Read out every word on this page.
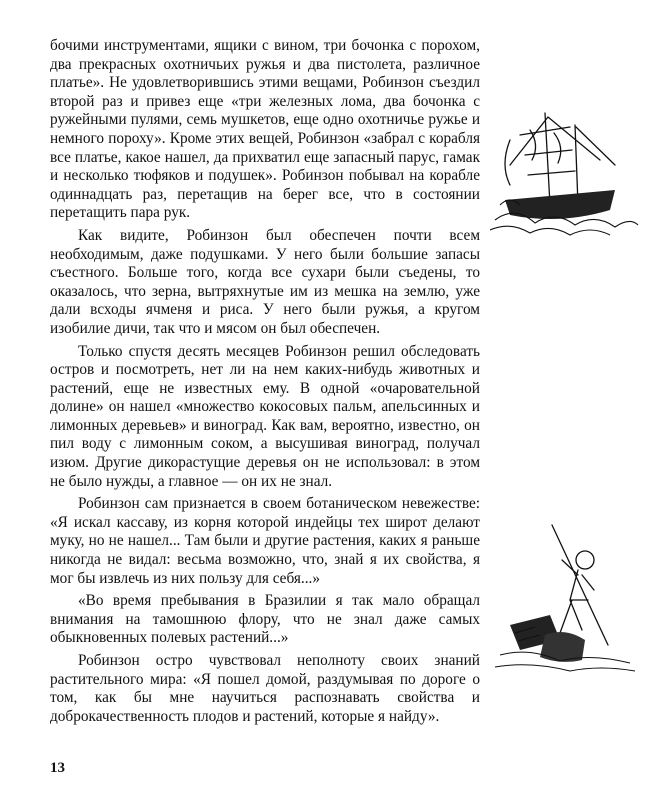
бочими инструментами, ящики с вином, три бочонка с порохом, два прекрасных охотничьих ружья и два пистолета, различное платье». Не удовлетворившись этими вещами, Робинзон съездил второй раз и привез еще «три железных лома, два бочонка с ружейными пулями, семь мушкетов, еще одно охотничье ружье и немного пороху». Кроме этих вещей, Робинзон «забрал с корабля все платье, какое нашел, да прихватил еще запасный парус, гамак и несколько тюфяков и подушек». Робинзон побывал на корабле одиннадцать раз, перетащив на берег все, что в состоянии перетащить пара рук.

Как видите, Робинзон был обеспечен почти всем необходимым, даже подушками. У него были большие запасы съестного. Больше того, когда все сухари были съедены, то оказалось, что зерна, вытряхнутые им из мешка на землю, уже дали всходы ячменя и риса. У него были ружья, а кругом изобилие дичи, так что и мясом он был обеспечен.

Только спустя десять месяцев Робинзон решил обследовать остров и посмотреть, нет ли на нем каких-нибудь животных и растений, еще не известных ему. В одной «очаровательной долине» он нашел «множество кокосовых пальм, апельсинных и лимонных деревьев» и виноград. Как вам, вероятно, известно, он пил воду с лимонным соком, а высушивая виноград, получал изюм. Другие дикорастущие деревья он не использовал: в этом не было нужды, а главное — он их не знал.

Робинзон сам признается в своем ботаническом невежестве: «Я искал кассаву, из корня которой индейцы тех широт делают муку, но не нашел... Там были и другие растения, каких я раньше никогда не видал: весьма возможно, что, знай я их свойства, я мог бы извлечь из них пользу для себя...»

«Во время пребывания в Бразилии я так мало обращал внимания на тамошнюю флору, что не знал даже самых обыкновенных полевых растений...»

Робинзон остро чувствовал неполноту своих знаний растительного мира: «Я пошел домой, раздумывая по дороге о том, как бы мне научиться распознавать свойства и доброкачественность плодов и растений, которые я найду».

13
